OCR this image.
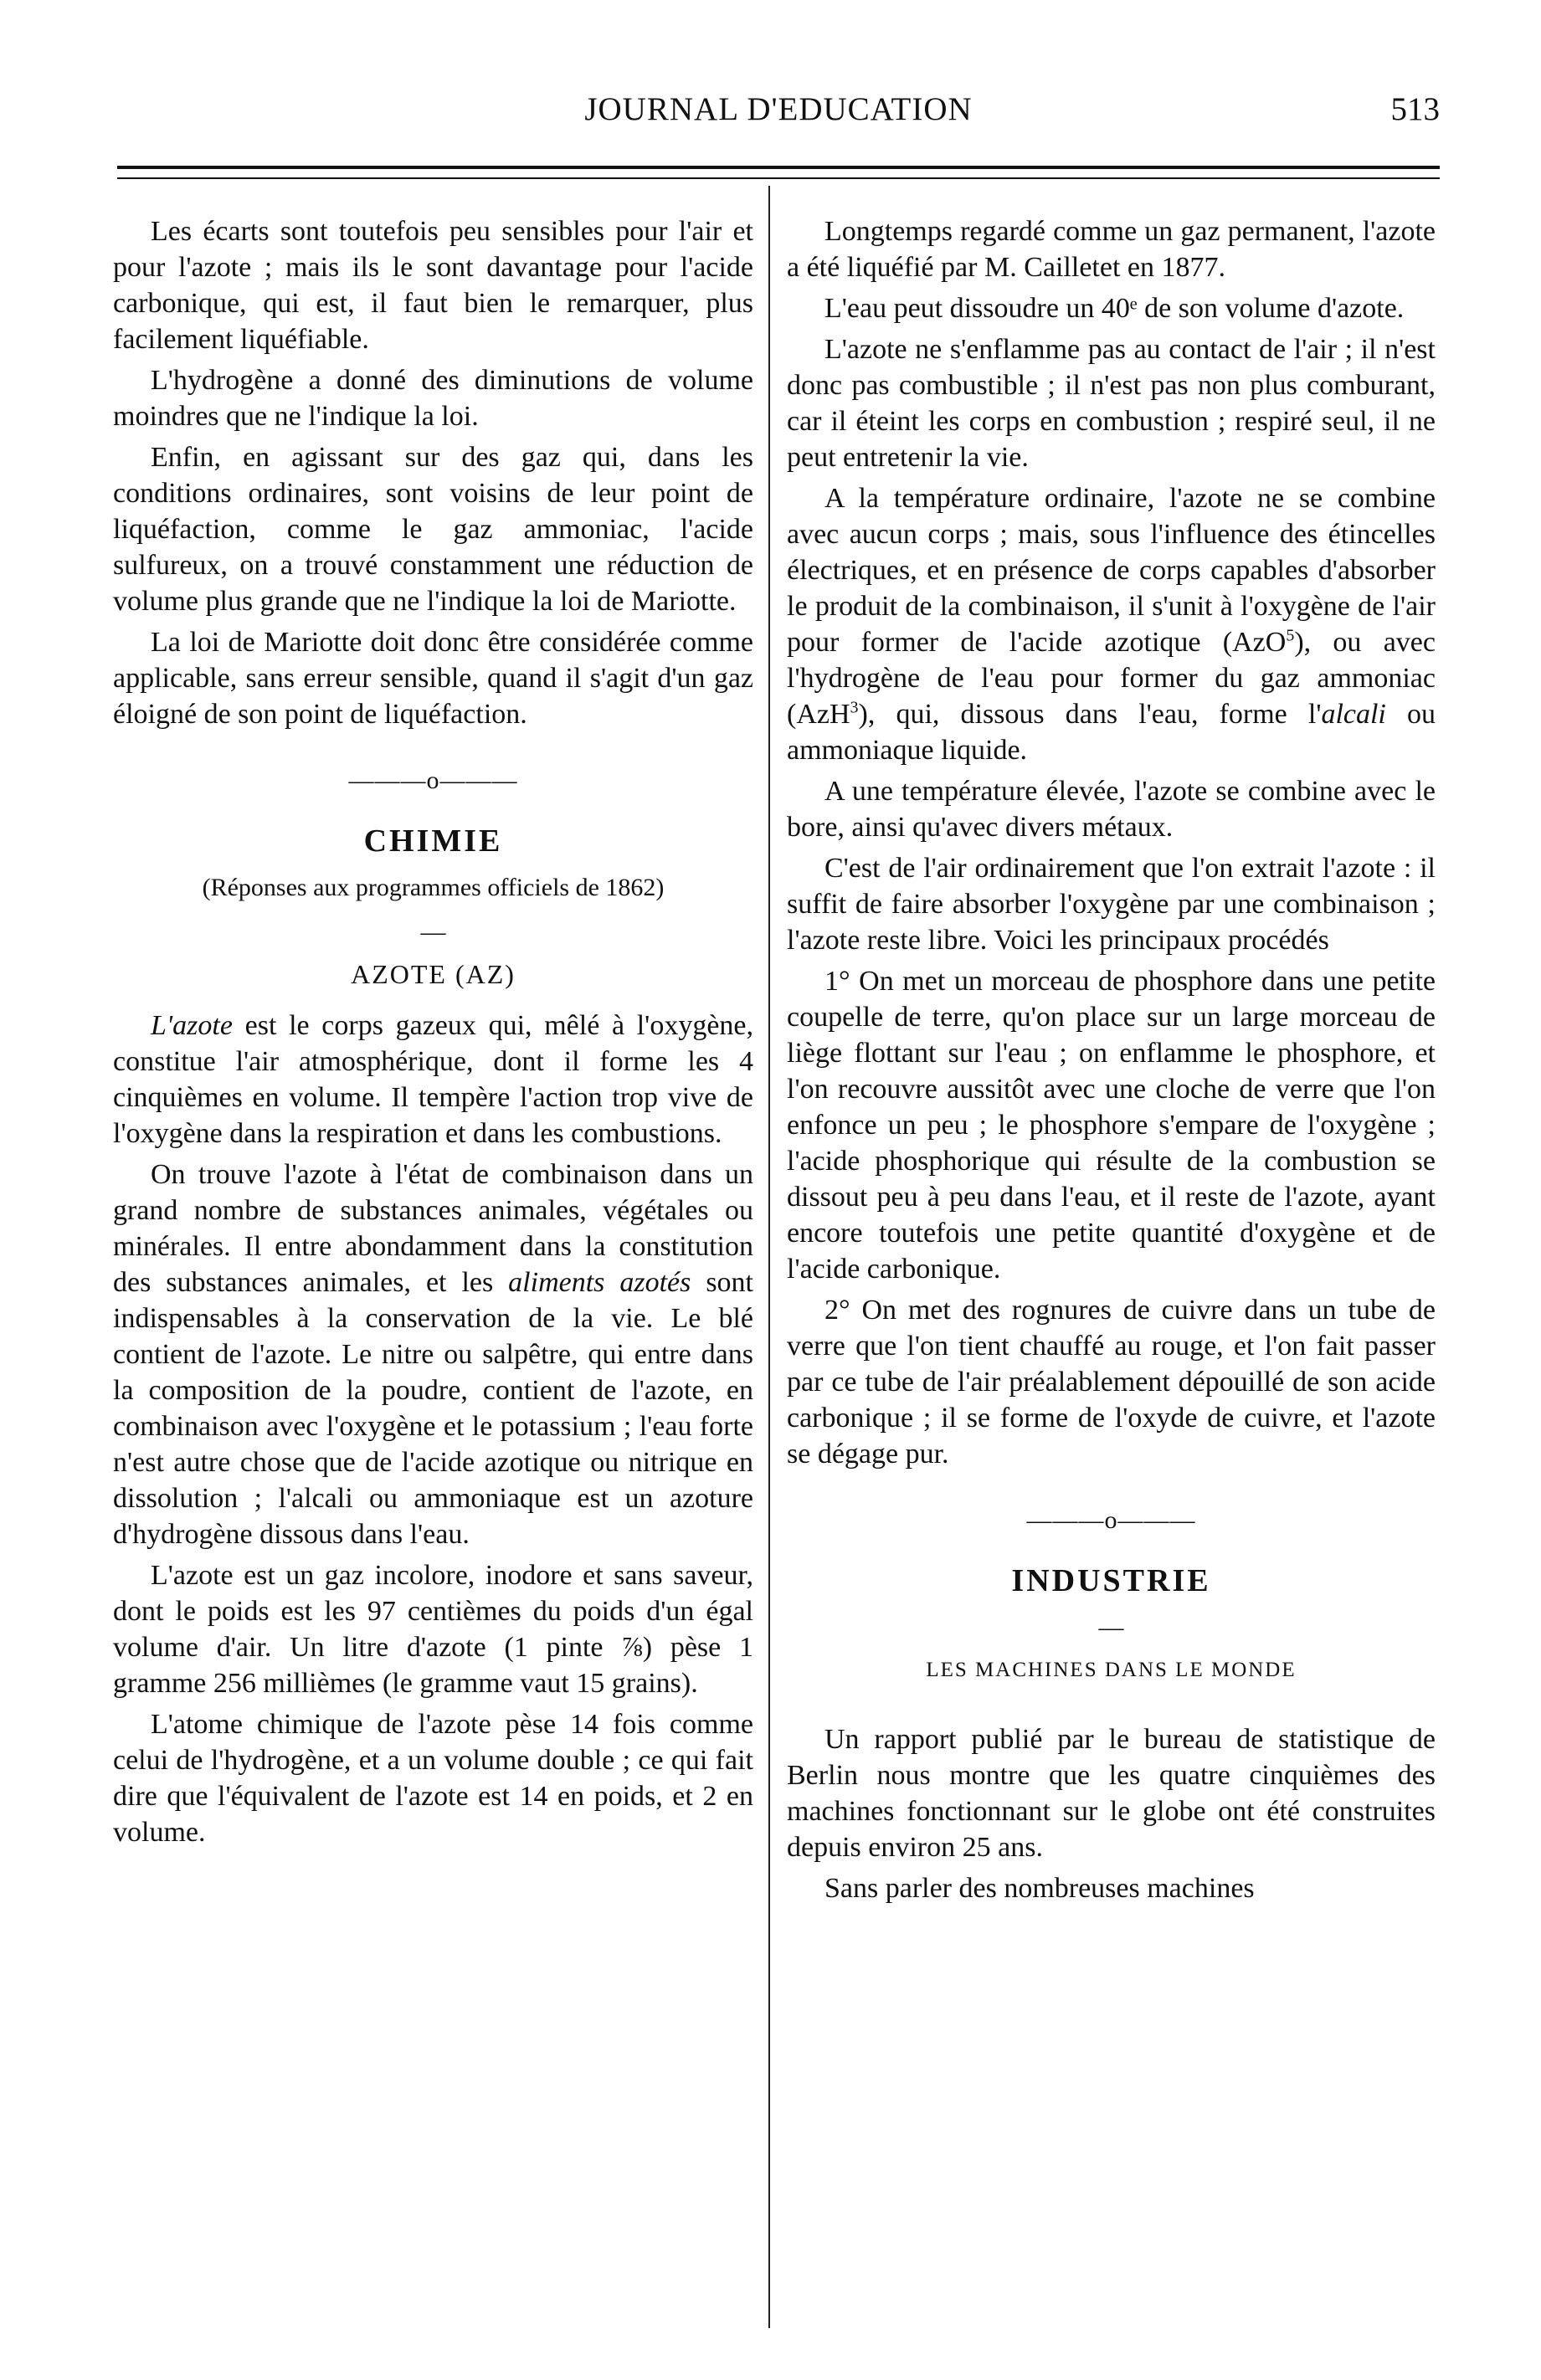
JOURNAL D'EDUCATION	513

Les écarts sont toutefois peu sensibles pour l'air et pour l'azote ; mais ils le sont davantage pour l'acide carbonique, qui est, il faut bien le remarquer, plus facilement liquéfiable.

L'hydrogène a donné des diminutions de volume moindres que ne l'indique la loi.

Enfin, en agissant sur des gaz qui, dans les conditions ordinaires, sont voisins de leur point de liquéfaction, comme le gaz ammoniac, l'acide sulfureux, on a trouvé constamment une réduction de volume plus grande que ne l'indique la loi de Mariotte.

La loi de Mariotte doit donc être considérée comme applicable, sans erreur sensible, quand il s'agit d'un gaz éloigné de son point de liquéfaction.

———o———
CHIMIE
(Réponses aux programmes officiels de 1862)
—
AZOTE (AZ)

L'azote est le corps gazeux qui, mêlé à l'oxygène, constitue l'air atmosphérique, dont il forme les 4 cinquièmes en volume. Il tempère l'action trop vive de l'oxygène dans la respiration et dans les combustions.

On trouve l'azote à l'état de combinaison dans un grand nombre de substances animales, végétales ou minérales. Il entre abondamment dans la constitution des substances animales, et les aliments azotés sont indispensables à la conservation de la vie. Le blé contient de l'azote. Le nitre ou salpêtre, qui entre dans la composition de la poudre, contient de l'azote, en combinaison avec l'oxygène et le potassium ; l'eau forte n'est autre chose que de l'acide azotique ou nitrique en dissolution ; l'alcali ou ammoniaque est un azoture d'hydrogène dissous dans l'eau.

L'azote est un gaz incolore, inodore et sans saveur, dont le poids est les 97 centièmes du poids d'un égal volume d'air. Un litre d'azote (1 pinte ⅞) pèse 1 gramme 256 millièmes (le gramme vaut 15 grains).

L'atome chimique de l'azote pèse 14 fois comme celui de l'hydrogène, et a un volume double ; ce qui fait dire que l'équivalent de l'azote est 14 en poids, et 2 en volume.

Longtemps regardé comme un gaz permanent, l'azote a été liquéfié par M. Cailletet en 1877.

L'eau peut dissoudre un 40ᵉ de son volume d'azote.

L'azote ne s'enflamme pas au contact de l'air ; il n'est donc pas combustible ; il n'est pas non plus comburant, car il éteint les corps en combustion ; respiré seul, il ne peut entretenir la vie.

A la température ordinaire, l'azote ne se combine avec aucun corps ; mais, sous l'influence des étincelles électriques, et en présence de corps capables d'absorber le produit de la combinaison, il s'unit à l'oxygène de l'air pour former de l'acide azotique (AzO$^5$), ou avec l'hydrogène de l'eau pour former du gaz ammoniac (AzH$^3$), qui, dissous dans l'eau, forme l'alcali ou ammoniaque liquide.

A une température élevée, l'azote se combine avec le bore, ainsi qu'avec divers métaux.

C'est de l'air ordinairement que l'on extrait l'azote : il suffit de faire absorber l'oxygène par une combinaison ; l'azote reste libre. Voici les principaux procédés

1° On met un morceau de phosphore dans une petite coupelle de terre, qu'on place sur un large morceau de liège flottant sur l'eau ; on enflamme le phosphore, et l'on recouvre aussitôt avec une cloche de verre que l'on enfonce un peu ; le phosphore s'empare de l'oxygène ; l'acide phosphorique qui résulte de la combustion se dissout peu à peu dans l'eau, et il reste de l'azote, ayant encore toutefois une petite quantité d'oxygène et de l'acide carbonique.

2° On met des rognures de cuivre dans un tube de verre que l'on tient chauffé au rouge, et l'on fait passer par ce tube de l'air préalablement dépouillé de son acide carbonique ; il se forme de l'oxyde de cuivre, et l'azote se dégage pur.

———o———
INDUSTRIE
—
LES MACHINES DANS LE MONDE

Un rapport publié par le bureau de statistique de Berlin nous montre que les quatre cinquièmes des machines fonctionnant sur le globe ont été construites depuis environ 25 ans.

Sans parler des nombreuses machines
